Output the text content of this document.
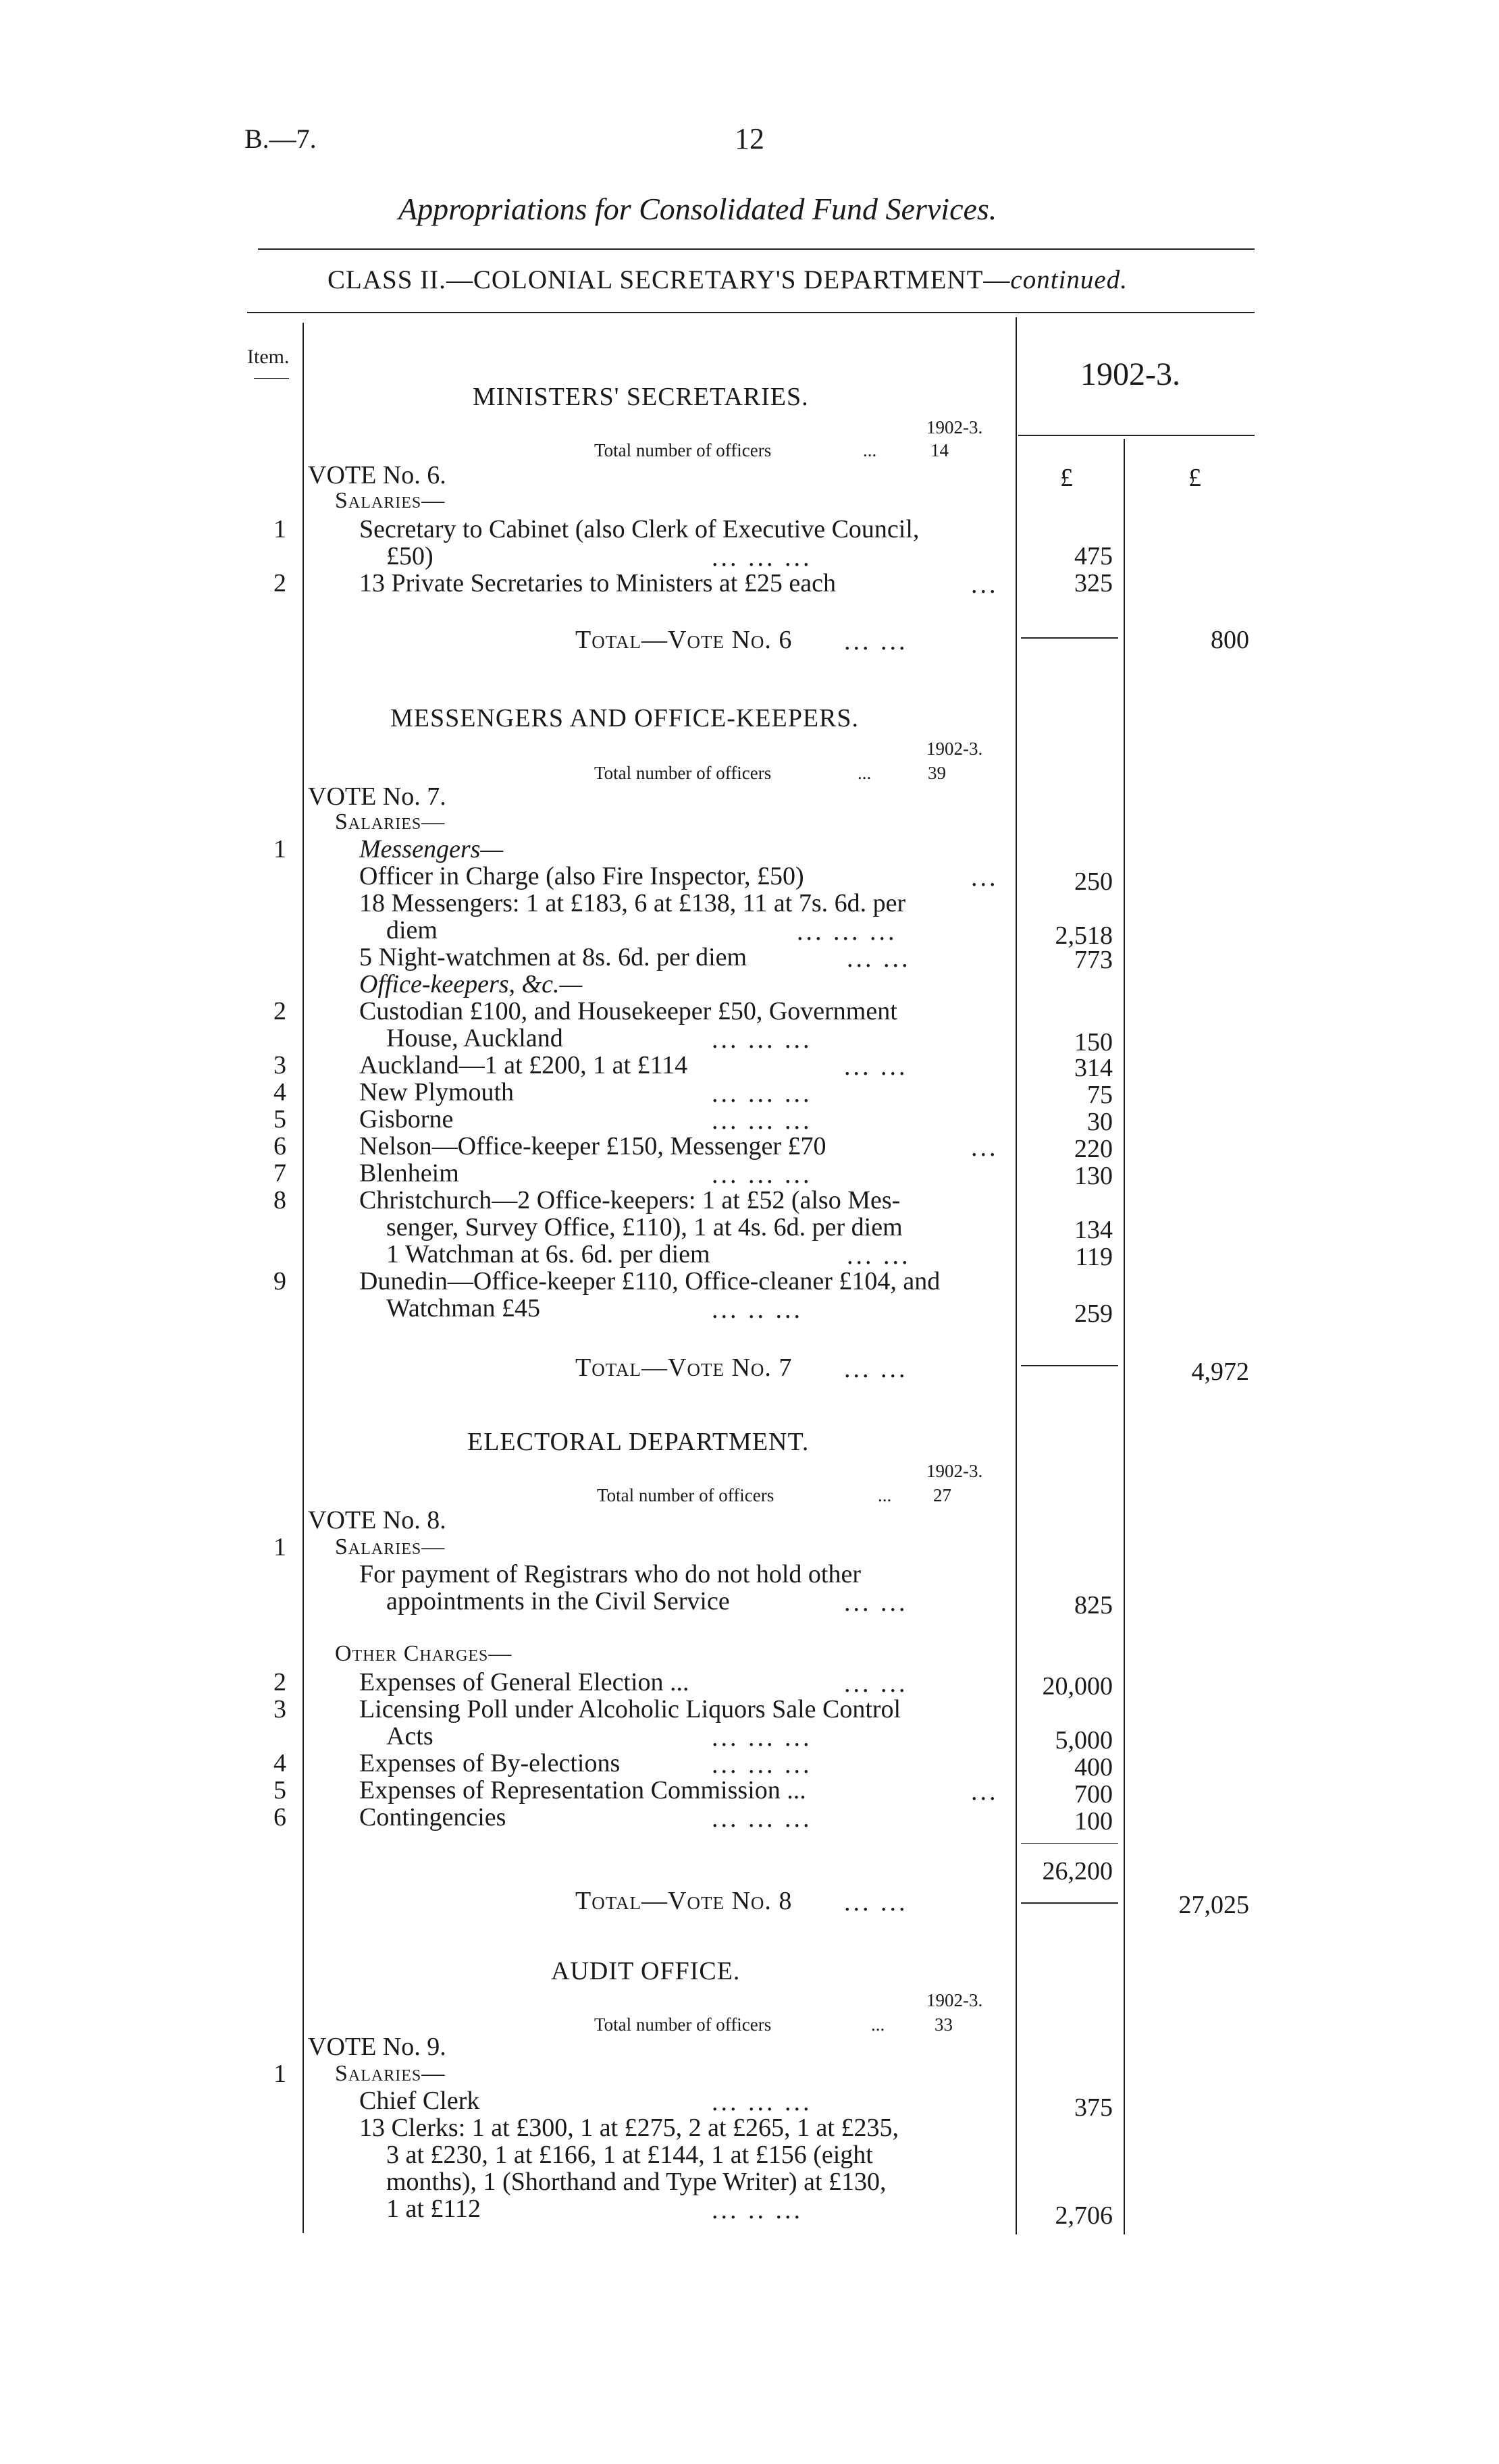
B.—7.	12
Appropriations for Consolidated Fund Services.
CLASS II.—COLONIAL SECRETARY'S DEPARTMENT—continued.
Item.	1902-3.
£	£
MINISTERS' SECRETARIES.
1902-3.
Total number of officers	...	14
VOTE No. 6.
Salaries—
1	Secretary to Cabinet (also Clerk of Executive Council,
£50)	... ... ...	475
2	13 Private Secretaries to Ministers at £25 each	...	325
Total—Vote No. 6 ... ...	800
MESSENGERS AND OFFICE-KEEPERS.
1902-3.
Total number of officers	...	39
VOTE No. 7.
Salaries—
1	Messengers—
Officer in Charge (also Fire Inspector, £50)	...	250
18 Messengers: 1 at £183, 6 at £138, 11 at 7s. 6d. per
diem	... ... ...	2,518
5 Night-watchmen at 8s. 6d. per diem	... ...	773
Office-keepers, &c.—
2	Custodian £100, and Housekeeper £50, Government
House, Auckland	... ... ...	150
3	Auckland—1 at £200, 1 at £114	... ...	314
4	New Plymouth	... ... ...	75
5	Gisborne	... ... ...	30
6	Nelson—Office-keeper £150, Messenger £70	...	220
7	Blenheim	... ... ...	130
8	Christchurch—2 Office-keepers: 1 at £52 (also Mes-
senger, Survey Office, £110), 1 at 4s. 6d. per diem	134
1 Watchman at 6s. 6d. per diem	... ...	119
9	Dunedin—Office-keeper £110, Office-cleaner £104, and
Watchman £45	... .. ...	259
Total—Vote No. 7 ... ...	4,972
ELECTORAL DEPARTMENT.
1902-3.
Total number of officers	... 27
VOTE No. 8.
Salaries—
1
For payment of Registrars who do not hold other
appointments in the Civil Service	... ...	825
Other Charges—
2	Expenses of General Election ...	... ...	20,000
3	Licensing Poll under Alcoholic Liquors Sale Control
Acts	... ... ...	5,000
4	Expenses of By-elections	... ... ...	400
5	Expenses of Representation Commission ...	...	700
6	Contingencies	... ... ...	100
26,200
Total—Vote No. 8 ... ...	27,025
AUDIT OFFICE.
1902-3.
Total number of officers	...	33
VOTE No. 9.
Salaries—
1
Chief Clerk	... ... ...	375
13 Clerks: 1 at £300, 1 at £275, 2 at £265, 1 at £235,
3 at £230, 1 at £166, 1 at £144, 1 at £156 (eight
months), 1 (Shorthand and Type Writer) at £130,
1 at £112	... .. ...	2,706
